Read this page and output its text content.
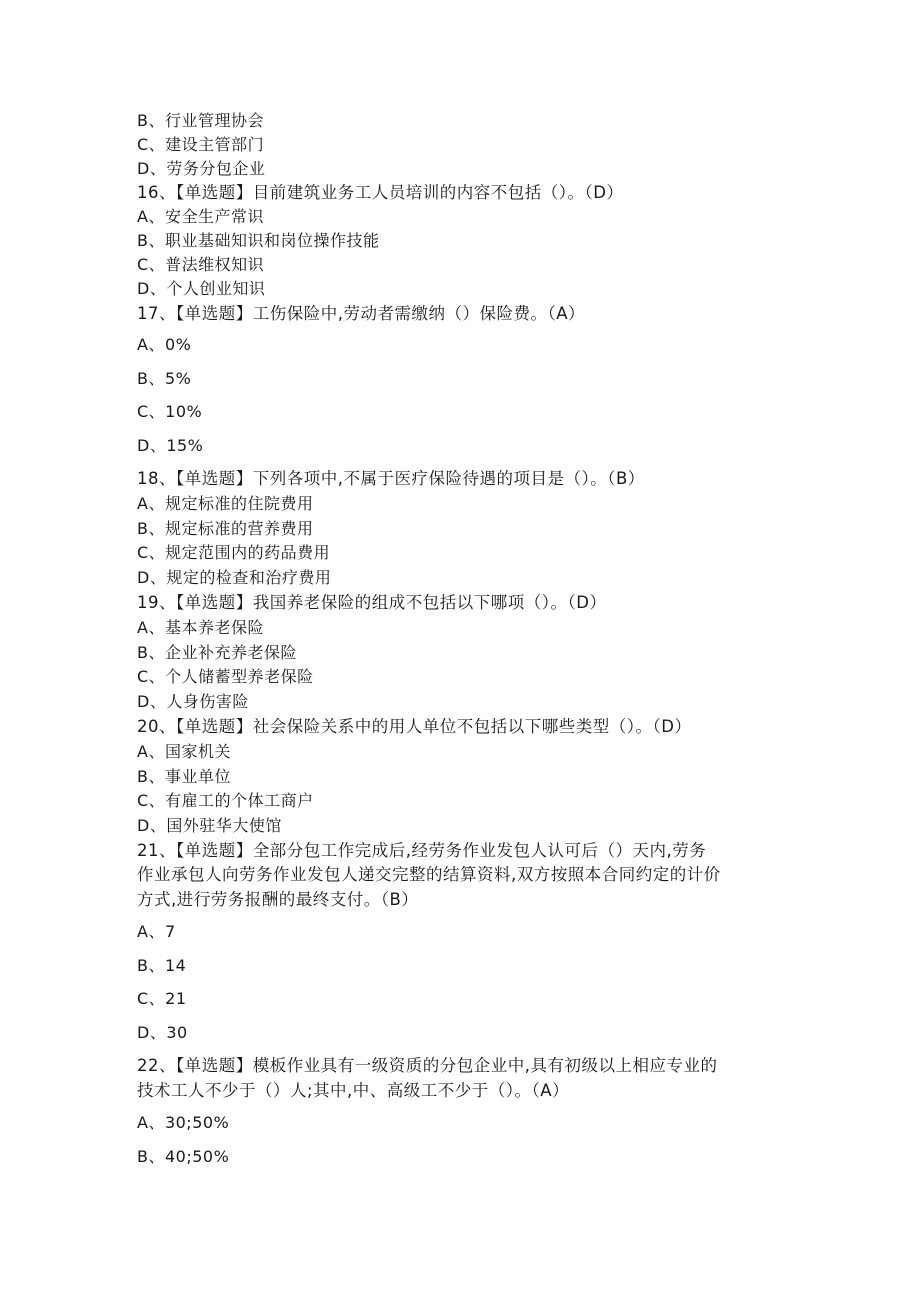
B、行业管理协会
C、建设主管部门
D、劳务分包企业
16、【单选题】目前建筑业务工人员培训的内容不包括（）。（D）
A、安全生产常识
B、职业基础知识和岗位操作技能
C、普法维权知识
D、个人创业知识
17、【单选题】工伤保险中,劳动者需缴纳（）保险费。（A）
A、0%
B、5%
C、10%
D、15%
18、【单选题】下列各项中,不属于医疗保险待遇的项目是（）。（B）
A、规定标准的住院费用
B、规定标准的营养费用
C、规定范围内的药品费用
D、规定的检查和治疗费用
19、【单选题】我国养老保险的组成不包括以下哪项（）。（D）
A、基本养老保险
B、企业补充养老保险
C、个人储蓄型养老保险
D、人身伤害险
20、【单选题】社会保险关系中的用人单位不包括以下哪些类型（）。（D）
A、国家机关
B、事业单位
C、有雇工的个体工商户
D、国外驻华大使馆
21、【单选题】全部分包工作完成后,经劳务作业发包人认可后（）天内,劳务
作业承包人向劳务作业发包人递交完整的结算资料,双方按照本合同约定的计价
方式,进行劳务报酬的最终支付。（B）
A、7
B、14
C、21
D、30
22、【单选题】模板作业具有一级资质的分包企业中,具有初级以上相应专业的
技术工人不少于（）人;其中,中、高级工不少于（）。（A）
A、30;50%
B、40;50%
